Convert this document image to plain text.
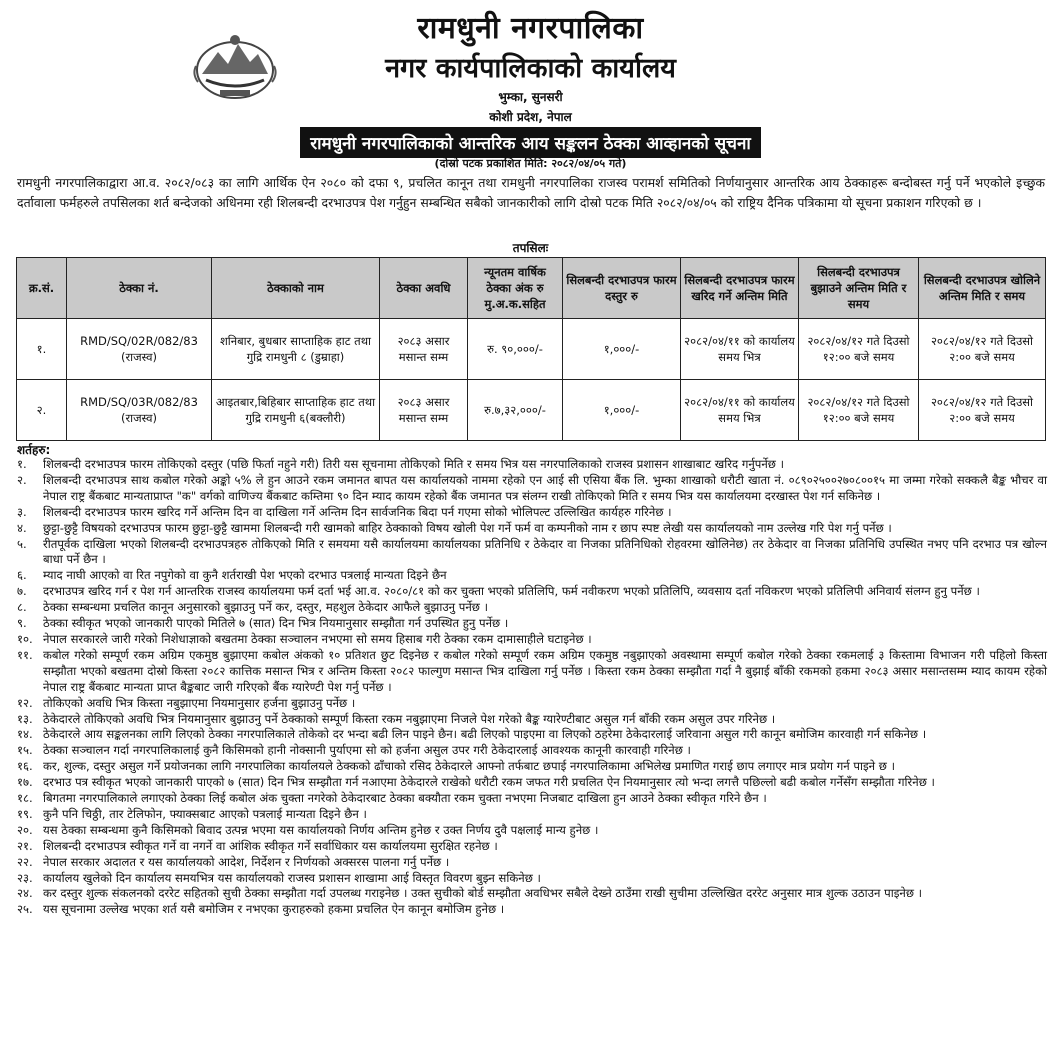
रामधुनी नगरपालिका
नगर कार्यपालिकाको कार्यालय
भुम्का, सुनसरी
कोशी प्रदेश, नेपाल
रामधुनी नगरपालिकाको आन्तरिक आय सङ्कलन ठेक्का आव्हानको सूचना
(दोस्रो पटक प्रकाशित मिति: २०८२/०४/०५ गते)
रामधुनी नगरपालिकाद्वारा आ.व. २०८२/०८३ का लागि आर्थिक ऐन २०८० को दफा ९, प्रचलित कानून तथा रामधुनी नगरपालिका राजस्व परामर्श समितिको निर्णयानुसार आन्तरिक आय ठेक्काहरू बन्दोबस्त गर्नु पर्ने भएकोले इच्छुक दर्तावाला फर्महरुले तपसिलका शर्त बन्देजको अधिनमा रही शिलबन्दी दरभाउपत्र पेश गर्नुहुन सम्बन्धित सबैको जानकारीको लागि दोस्रो पटक मिति २०८२/०४/०५ को राष्ट्रिय दैनिक पत्रिकामा यो सूचना प्रकाशन गरिएको छ ।
तपसिलः
क्र.सं.	ठेक्का नं.	ठेक्काको नाम	ठेक्का अवधि	न्यूनतम वार्षिक ठेक्का अंक रु मु.अ.क.सहित	सिलबन्दी दरभाउपत्र फारम दस्तुर रु	सिलबन्दी दरभाउपत्र फारम खरिद गर्ने अन्तिम मिति	सिलबन्दी दरभाउपत्र बुझाउने अन्तिम मिति र समय	सिलबन्दी दरभाउपत्र खोलिने अन्तिम मिति र समय
१.	RMD/SQ/02R/082/83
(राजस्व)	शनिबार, बुधबार साप्ताहिक हाट तथा गुद्रि रामधुनी ८ (डुम्राहा)	२०८३ असार मसान्त सम्म	रु. ९०,०००/-	१,०००/-	२०८२/०४/११ को कार्यालय समय भित्र	२०८२/०४/१२ गते दिउसो १२:०० बजे समय	२०८२/०४/१२ गते दिउसो २:०० बजे समय
२.	RMD/SQ/03R/082/83
(राजस्व)	आइतबार,बिहिबार साप्ताहिक हाट तथा गुद्रि रामधुनी ६(बक्लौरी)	२०८३ असार मसान्त सम्म	रु.७,३२,०००/-	१,०००/-	२०८२/०४/११ को कार्यालय समय भित्र	२०८२/०४/१२ गते दिउसो १२:०० बजे समय	२०८२/०४/१२ गते दिउसो २:०० बजे समय
शर्तहरु:
१.	शिलबन्दी दरभाउपत्र फारम तोकिएको दस्तुर (पछि फिर्ता नहुने गरी) तिरी यस सूचनामा तोकिएको मिति र समय भित्र यस नगरपालिकाको राजस्व प्रशासन शाखाबाट खरिद गर्नुपर्नेछ ।
२.	शिलबन्दी दरभाउपत्र साथ कबोल गरेको अङ्को ५% ले हुन आउने रकम जमानत बापत यस कार्यालयको नाममा रहेको एन आई सी एसिया बैंक लि. भुम्का शाखाको धरौटी खाता नं. ०८९०२५००२७०८००१५ मा जम्मा गरेको सक्कलै बैङ्क भौचर वा नेपाल राष्ट्र बैंकबाट मान्यताप्राप्त "क" वर्गको वाणिज्य बैंकबाट कम्तिमा ९० दिन म्याद कायम रहेको बैंक जमानत पत्र संलग्न राखी तोकिएको मिति र समय भित्र यस कार्यालयमा दरखास्त पेश गर्न सकिनेछ ।
३.	शिलबन्दी दरभाउपत्र फारम खरिद गर्ने अन्तिम दिन वा दाखिला गर्ने अन्तिम दिन सार्वजनिक बिदा पर्न गएमा सोको भोलिपल्ट उल्लिखित कार्यहरु गरिनेछ ।
४.	छुट्टा-छुट्टै विषयको दरभाउपत्र फारम छुट्टा-छुट्टै खाममा शिलबन्दी गरी खामको बाहिर ठेक्काको विषय खोली पेश गर्ने फर्म वा कम्पनीको नाम र छाप स्पष्ट लेखी यस कार्यालयको नाम उल्लेख गरि पेश गर्नु पर्नेछ ।
५.	रीतपूर्वक दाखिला भएको शिलबन्दी दरभाउपत्रहरु तोकिएको मिति र समयमा यसै कार्यालयमा कार्यालयका प्रतिनिधि र ठेकेदार वा निजका प्रतिनिधिको रोहवरमा खोलिनेछ) तर ठेकेदार वा निजका प्रतिनिधि उपस्थित नभए पनि दरभाउ पत्र खोल्न बाधा पर्ने छैन ।
६.	म्याद नाघी आएको वा रित नपुगेको वा कुनै शर्तराखी पेश भएको दरभाउ पत्रलाई मान्यता दिइने छैन
७.	दरभाउपत्र खरिद गर्न र पेश गर्न आन्तरिक राजस्व कार्यालयमा फर्म दर्ता भई आ.व. २०८०/८१ को कर चुक्ता भएको प्रतिलिपि, फर्म नवीकरण भएको प्रतिलिपि, व्यवसाय दर्ता नविकरण भएको प्रतिलिपी अनिवार्य संलग्न हुनु पर्नेछ ।
८.	ठेक्का सम्बन्धमा प्रचलित कानून अनुसारको बुझाउनु पर्ने कर, दस्तुर, महशुल ठेकेदार आफैले बुझाउनु पर्नेछ ।
९.	ठेक्का स्वीकृत भएको जानकारी पाएको मितिले ७ (सात) दिन भित्र नियमानुसार सम्झौता गर्न उपस्थित हुनु पर्नेछ ।
१०. नेपाल सरकारले जारी गरेको निशेधाज्ञाको बखतमा ठेक्का सञ्चालन नभएमा सो समय हिसाब गरी ठेक्का रकम दामासाहीले घटाइनेछ ।
११. कबोल गरेको सम्पूर्ण रकम अग्रिम एकमुष्ठ बुझाएमा कबोल अंकको १० प्रतिशत छुट दिइनेछ र कबोल गरेको सम्पूर्ण रकम अग्रिम एकमुष्ठ नबुझाएको अवस्थामा सम्पूर्ण कबोल गरेको ठेक्का रकमलाई ३ किस्तामा विभाजन गरी पहिलो किस्ता सम्झौता भएको बखतमा दोस्रो किस्ता २०८२ कात्तिक मसान्त भित्र र अन्तिम किस्ता २०८२ फाल्गुण मसान्त भित्र दाखिला गर्नु पर्नेछ । किस्ता रकम ठेक्का सम्झौता गर्दा नै बुझाई बाँकी रकमको हकमा २०८३ असार मसान्तसम्म म्याद कायम रहेको नेपाल राष्ट्र बैंकबाट मान्यता प्राप्त बैङ्कबाट जारी गरिएको बैंक ग्यारेण्टी पेश गर्नु पर्नेछ ।
१२. तोकिएको अवधि भित्र किस्ता नबुझाएमा नियमानुसार हर्जना बुझाउनु पर्नेछ ।
१३. ठेकेदारले तोकिएको अवधि भित्र नियमानुसार बुझाउनु पर्ने ठेक्काको सम्पूर्ण किस्ता रकम नबुझाएमा निजले पेश गरेको बैङ्क ग्यारेण्टीबाट असुल गर्न बाँकी रकम असुल उपर गरिनेछ ।
१४. ठेकेदारले आय सङ्कलनका लागि लिएको ठेक्का नगरपालिकाले तोकेको दर भन्दा बढी लिन पाइने छैन। बढी लिएको पाइएमा वा लिएको ठहरेमा ठेकेदारलाई जरिवाना असुल गरी कानून बमोजिम कारवाही गर्न सकिनेछ ।
१५. ठेक्का सञ्चालन गर्दा नगरपालिकालाई कुनै किसिमको हानी नोक्सानी पुर्याएमा सो को हर्जना असुल उपर गरी ठेकेदारलाई आवश्यक कानूनी कारवाही गरिनेछ ।
१६. कर, शुल्क, दस्तुर असुल गर्ने प्रयोजनका लागि नगरपालिका कार्यालयले ठेक्कको ढाँचाको रसिद ठेकेदारले आफ्नो तर्फबाट छपाई नगरपालिकामा अभिलेख प्रमाणित गराई छाप लगाएर मात्र प्रयोग गर्न पाइने छ ।
१७. दरभाउ पत्र स्वीकृत भएको जानकारी पाएको ७ (सात) दिन भित्र सम्झौता गर्न नआएमा ठेकेदारले राखेको धरौटी रकम जफत गरी प्रचलित ऐन नियमानुसार त्यो भन्दा लगत्तै पछिल्लो बढी कबोल गर्नेसँग सम्झौता गरिनेछ ।
१८. बिगतमा नगरपालिकाले लगाएको ठेक्का लिई कबोल अंक चुक्ता नगरेको ठेकेदारबाट ठेक्का बक्यौता रकम चुक्ता नभएमा निजबाट दाखिला हुन आउने ठेक्का स्वीकृत गरिने छैन ।
१९. कुनै पनि चिठ्ठी, तार टेलिफोन, फ्याक्सबाट आएको पत्रलाई मान्यता दिइने छैन ।
२०. यस ठेक्का सम्बन्धमा कुनै किसिमको बिवाद उत्पन्न भएमा यस कार्यालयको निर्णय अन्तिम हुनेछ र उक्त निर्णय दुवै पक्षलाई मान्य हुनेछ ।
२१. शिलबन्दी दरभाउपत्र स्वीकृत गर्ने वा नगर्ने वा आंशिक स्वीकृत गर्ने सर्वाधिकार यस कार्यालयमा सुरक्षित रहनेछ ।
२२. नेपाल सरकार अदालत र यस कार्यालयको आदेश, निर्देशन र निर्णयको अक्सरस पालना गर्नु पर्नेछ ।
२३. कार्यालय खुलेको दिन कार्यालय समयभित्र यस कार्यालयको राजस्व प्रशासन शाखामा आई विस्तृत विवरण बुझ्न सकिनेछ ।
२४. कर दस्तुर शुल्क संकलनको दररेट सहितको सुची ठेक्का सम्झौता गर्दा उपलब्ध गराइनेछ । उक्त सुचीको बोर्ड सम्झौता अवधिभर सबैले देख्ने ठाउँमा राखी सुचीमा उल्लिखित दररेट अनुसार मात्र शुल्क उठाउन पाइनेछ ।
२५. यस सूचनामा उल्लेख भएका शर्त यसै बमोजिम र नभएका कुराहरुको हकमा प्रचलित ऐन कानून बमोजिम हुनेछ ।
